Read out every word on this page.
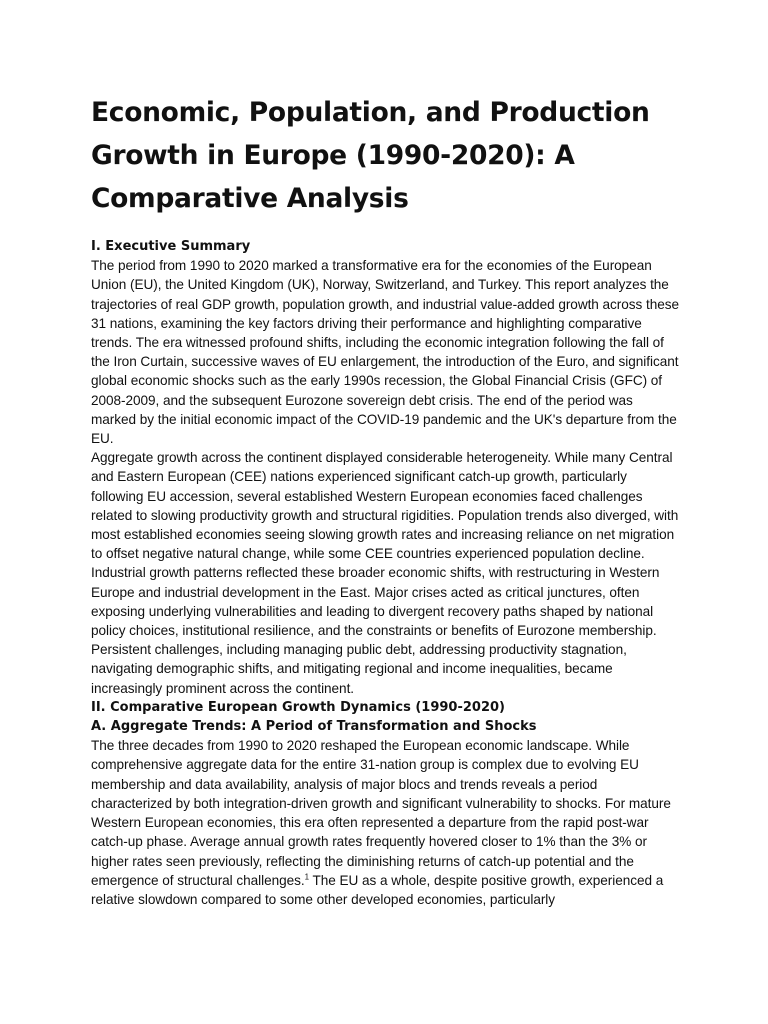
Economic, Population, and Production Growth in Europe (1990-2020): A Comparative Analysis
I. Executive Summary

The period from 1990 to 2020 marked a transformative era for the economies of the European Union (EU), the United Kingdom (UK), Norway, Switzerland, and Turkey. This report analyzes the trajectories of real GDP growth, population growth, and industrial value-added growth across these 31 nations, examining the key factors driving their performance and highlighting comparative trends. The era witnessed profound shifts, including the economic integration following the fall of the Iron Curtain, successive waves of EU enlargement, the introduction of the Euro, and significant global economic shocks such as the early 1990s recession, the Global Financial Crisis (GFC) of 2008-2009, and the subsequent Eurozone sovereign debt crisis. The end of the period was marked by the initial economic impact of the COVID-19 pandemic and the UK's departure from the EU.

Aggregate growth across the continent displayed considerable heterogeneity. While many Central and Eastern European (CEE) nations experienced significant catch-up growth, particularly following EU accession, several established Western European economies faced challenges related to slowing productivity growth and structural rigidities. Population trends also diverged, with most established economies seeing slowing growth rates and increasing reliance on net migration to offset negative natural change, while some CEE countries experienced population decline. Industrial growth patterns reflected these broader economic shifts, with restructuring in Western Europe and industrial development in the East. Major crises acted as critical junctures, often exposing underlying vulnerabilities and leading to divergent recovery paths shaped by national policy choices, institutional resilience, and the constraints or benefits of Eurozone membership. Persistent challenges, including managing public debt, addressing productivity stagnation, navigating demographic shifts, and mitigating regional and income inequalities, became increasingly prominent across the continent.

II. Comparative European Growth Dynamics (1990-2020)
A. Aggregate Trends: A Period of Transformation and Shocks

The three decades from 1990 to 2020 reshaped the European economic landscape. While comprehensive aggregate data for the entire 31-nation group is complex due to evolving EU membership and data availability, analysis of major blocs and trends reveals a period characterized by both integration-driven growth and significant vulnerability to shocks. For mature Western European economies, this era often represented a departure from the rapid post-war catch-up phase. Average annual growth rates frequently hovered closer to 1% than the 3% or higher rates seen previously, reflecting the diminishing returns of catch-up potential and the emergence of structural challenges.$^1$ The EU as a whole, despite positive growth, experienced a relative slowdown compared to some other developed economies, particularly
